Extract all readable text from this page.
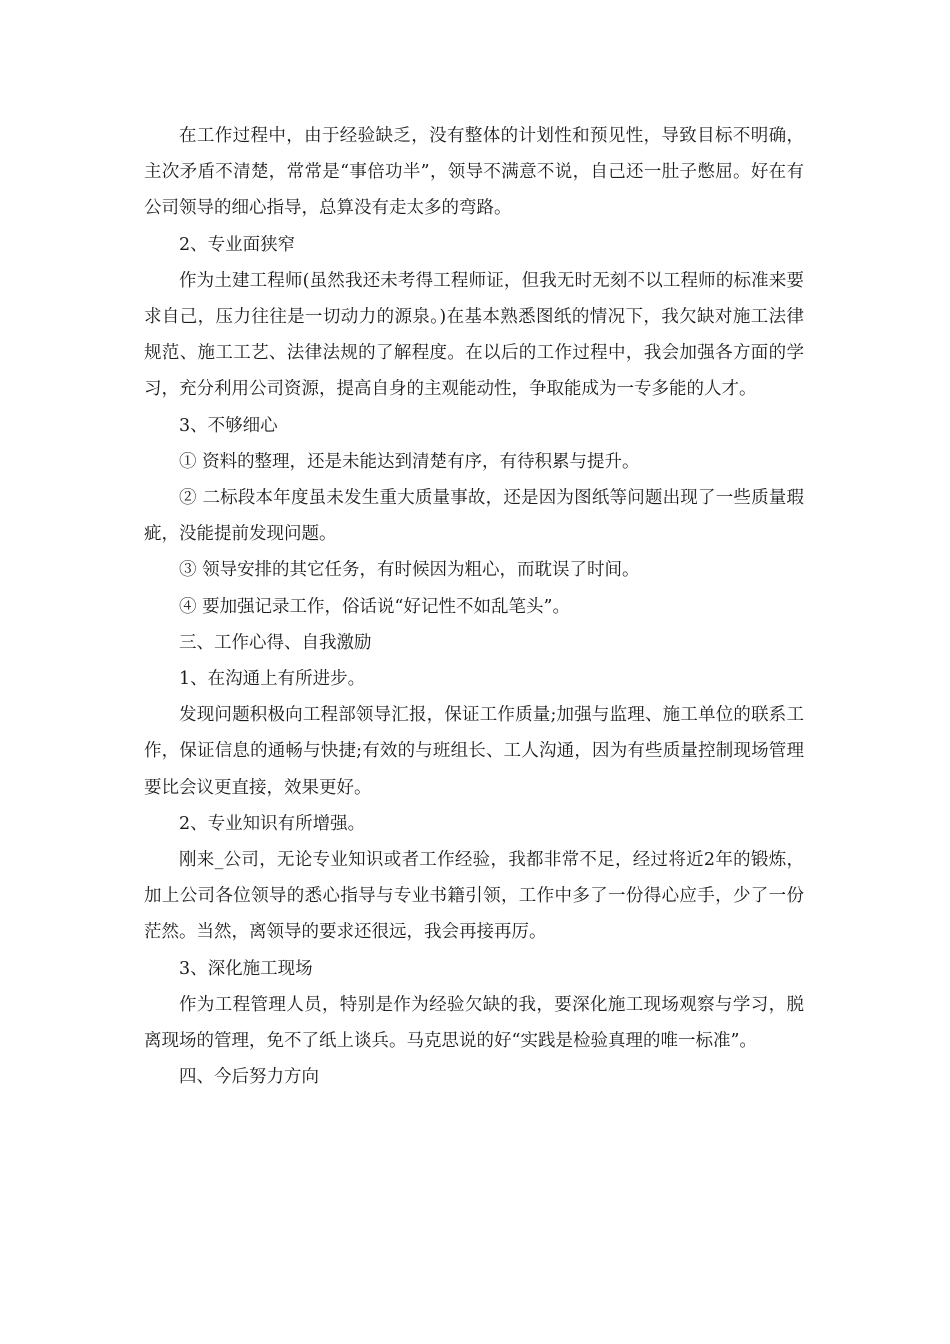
在工作过程中，由于经验缺乏，没有整体的计划性和预见性，导致目标不明确，主次矛盾不清楚，常常是“事倍功半”，领导不满意不说，自己还一肚子憋屈。好在有公司领导的细心指导，总算没有走太多的弯路。

2、专业面狭窄

作为土建工程师(虽然我还未考得工程师证，但我无时无刻不以工程师的标准来要求自己，压力往往是一切动力的源泉。)在基本熟悉图纸的情况下，我欠缺对施工法律规范、施工工艺、法律法规的了解程度。在以后的工作过程中，我会加强各方面的学习，充分利用公司资源，提高自身的主观能动性，争取能成为一专多能的人才。

3、不够细心

① 资料的整理，还是未能达到清楚有序，有待积累与提升。

② 二标段本年度虽未发生重大质量事故，还是因为图纸等问题出现了一些质量瑕疵，没能提前发现问题。

③ 领导安排的其它任务，有时候因为粗心，而耽误了时间。

④ 要加强记录工作，俗话说“好记性不如乱笔头”。

三、工作心得、自我激励

1、在沟通上有所进步。

发现问题积极向工程部领导汇报，保证工作质量;加强与监理、施工单位的联系工作，保证信息的通畅与快捷;有效的与班组长、工人沟通，因为有些质量控制现场管理要比会议更直接，效果更好。

2、专业知识有所增强。

刚来_公司，无论专业知识或者工作经验，我都非常不足，经过将近2年的锻炼，加上公司各位领导的悉心指导与专业书籍引领，工作中多了一份得心应手，少了一份茫然。当然，离领导的要求还很远，我会再接再厉。

3、深化施工现场

作为工程管理人员，特别是作为经验欠缺的我，要深化施工现场观察与学习，脱离现场的管理，免不了纸上谈兵。马克思说的好“实践是检验真理的唯一标准”。

四、今后努力方向
